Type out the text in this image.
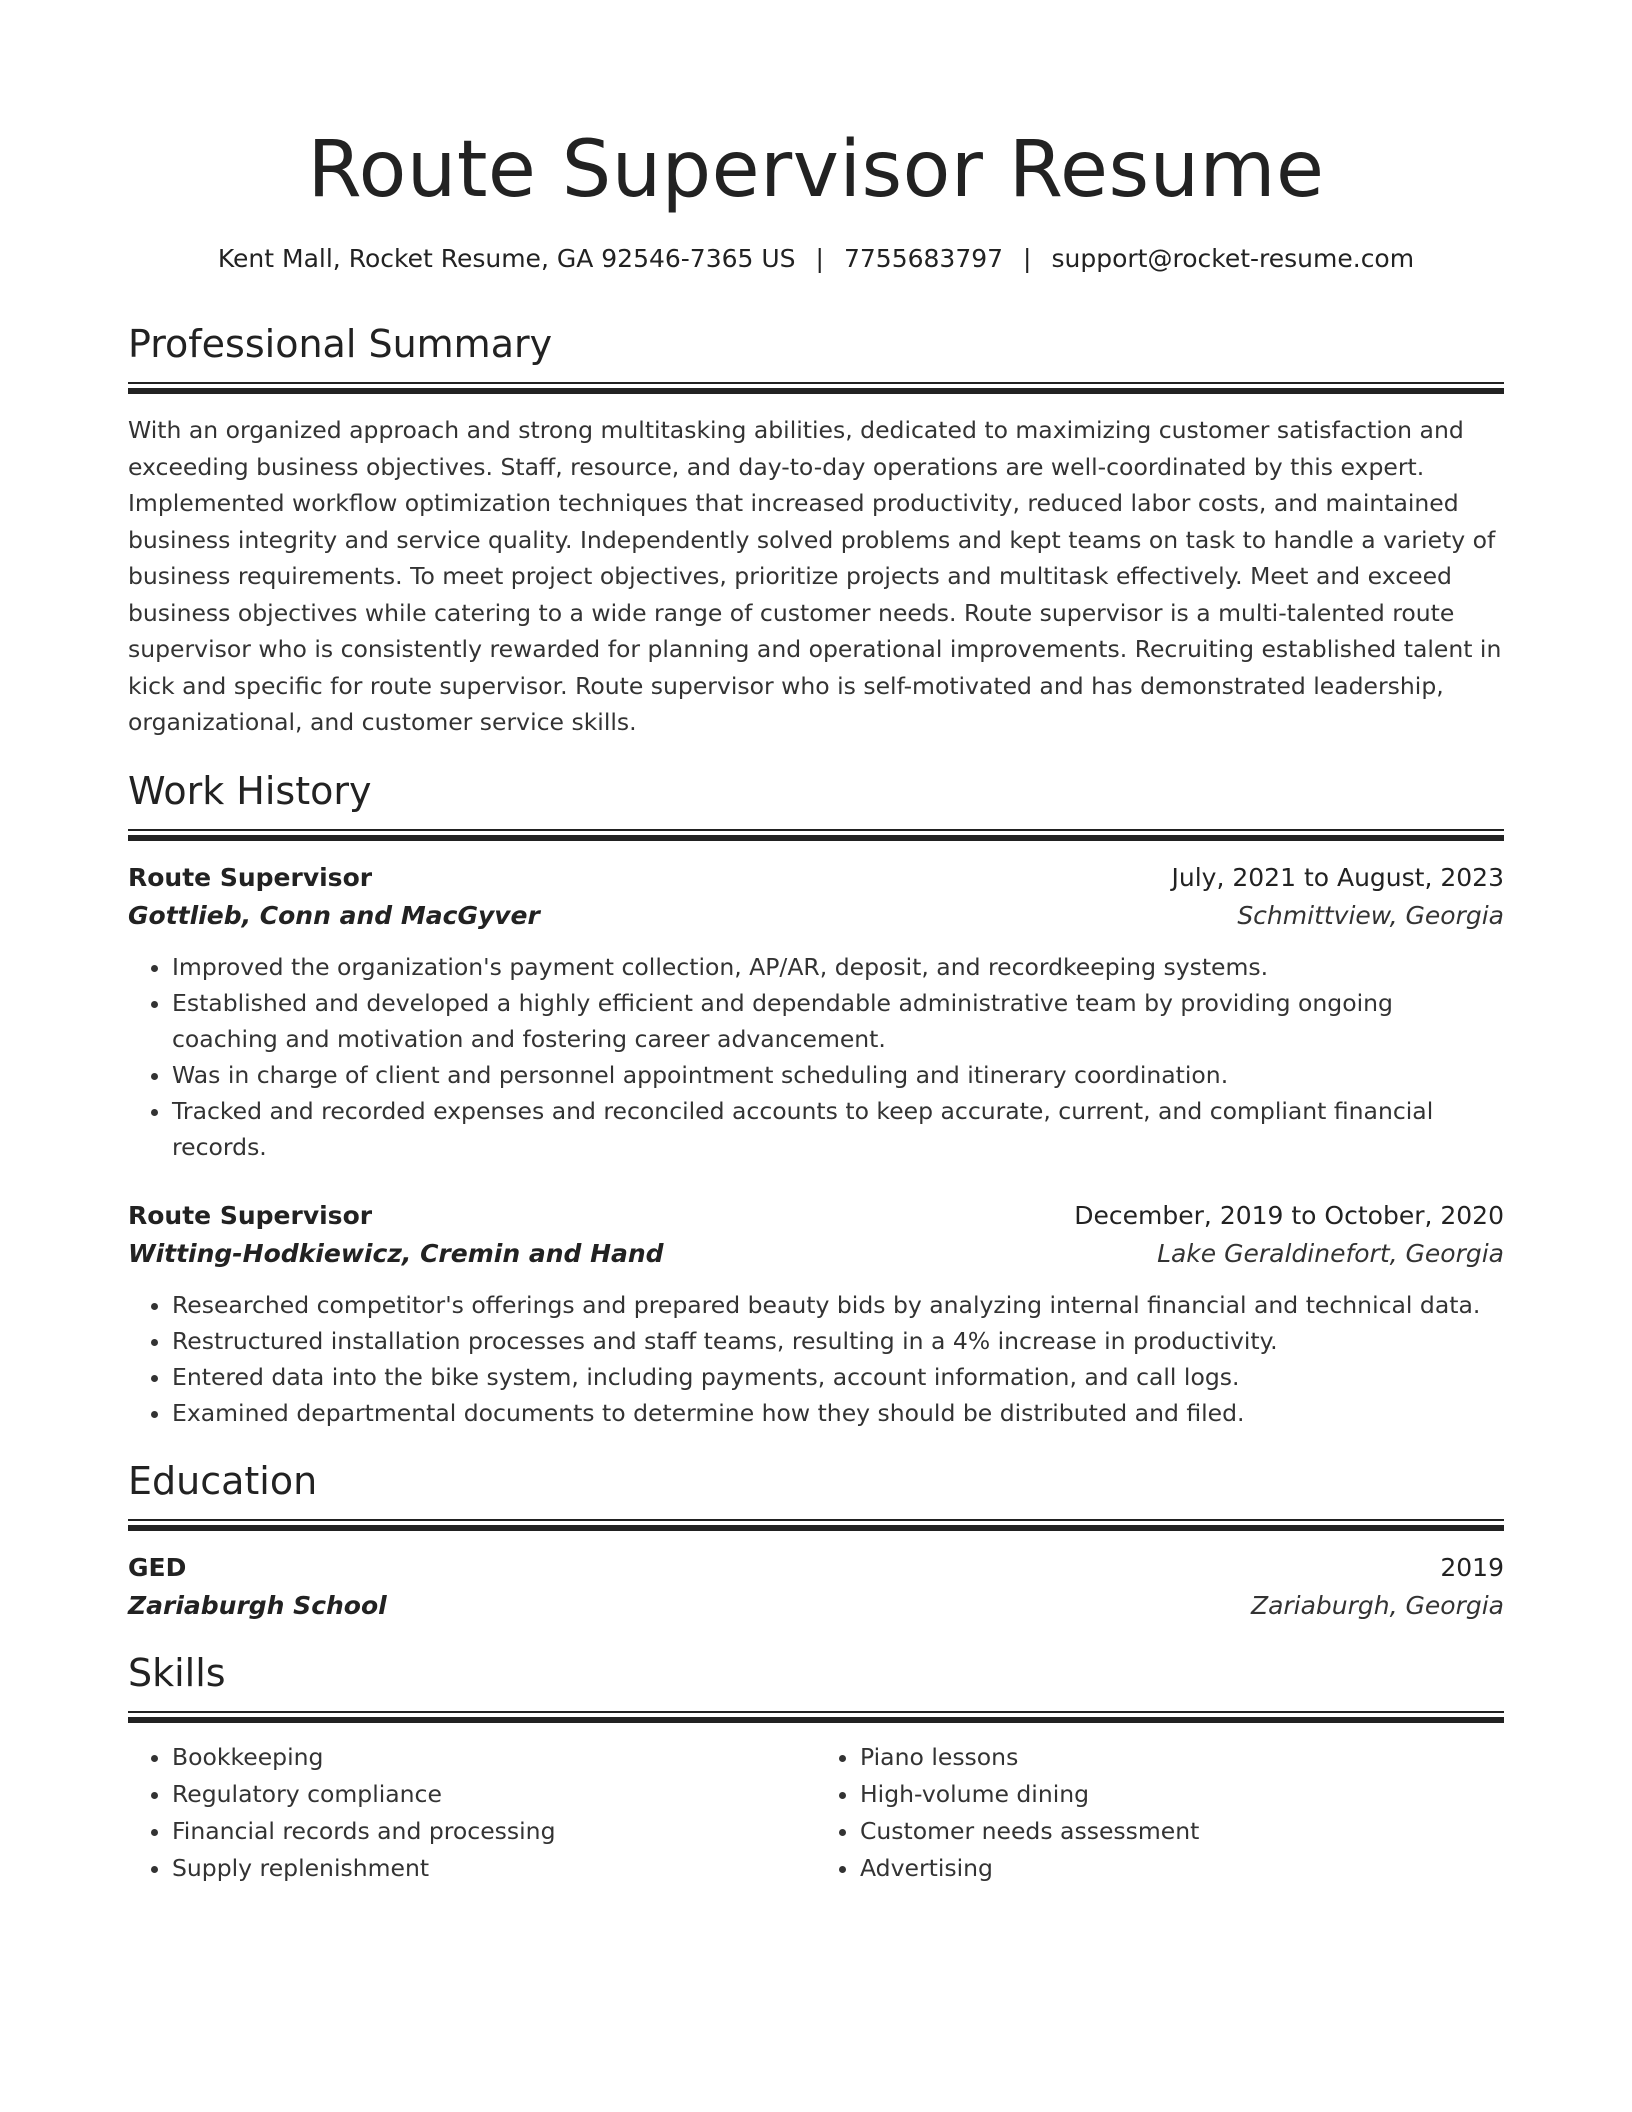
Route Supervisor Resume
Kent Mall, Rocket Resume, GA 92546-7365 US | 7755683797 | support@rocket-resume.com
Professional Summary
With an organized approach and strong multitasking abilities, dedicated to maximizing customer satisfaction and exceeding business objectives. Staff, resource, and day-to-day operations are well-coordinated by this expert. Implemented workflow optimization techniques that increased productivity, reduced labor costs, and maintained business integrity and service quality. Independently solved problems and kept teams on task to handle a variety of business requirements. To meet project objectives, prioritize projects and multitask effectively. Meet and exceed business objectives while catering to a wide range of customer needs. Route supervisor is a multi-talented route supervisor who is consistently rewarded for planning and operational improvements. Recruiting established talent in kick and specific for route supervisor. Route supervisor who is self-motivated and has demonstrated leadership, organizational, and customer service skills.
Work History
Route Supervisor	July, 2021 to August, 2023
Gottlieb, Conn and MacGyver	Schmittview, Georgia
• Improved the organization's payment collection, AP/AR, deposit, and recordkeeping systems.
• Established and developed a highly efficient and dependable administrative team by providing ongoing coaching and motivation and fostering career advancement.
• Was in charge of client and personnel appointment scheduling and itinerary coordination.
• Tracked and recorded expenses and reconciled accounts to keep accurate, current, and compliant financial records.
Route Supervisor	December, 2019 to October, 2020
Witting-Hodkiewicz, Cremin and Hand	Lake Geraldinefort, Georgia
• Researched competitor's offerings and prepared beauty bids by analyzing internal financial and technical data.
• Restructured installation processes and staff teams, resulting in a 4% increase in productivity.
• Entered data into the bike system, including payments, account information, and call logs.
• Examined departmental documents to determine how they should be distributed and filed.
Education
GED	2019
Zariaburgh School	Zariaburgh, Georgia
Skills
• Bookkeeping
• Regulatory compliance
• Financial records and processing
• Supply replenishment
• Piano lessons
• High-volume dining
• Customer needs assessment
• Advertising
